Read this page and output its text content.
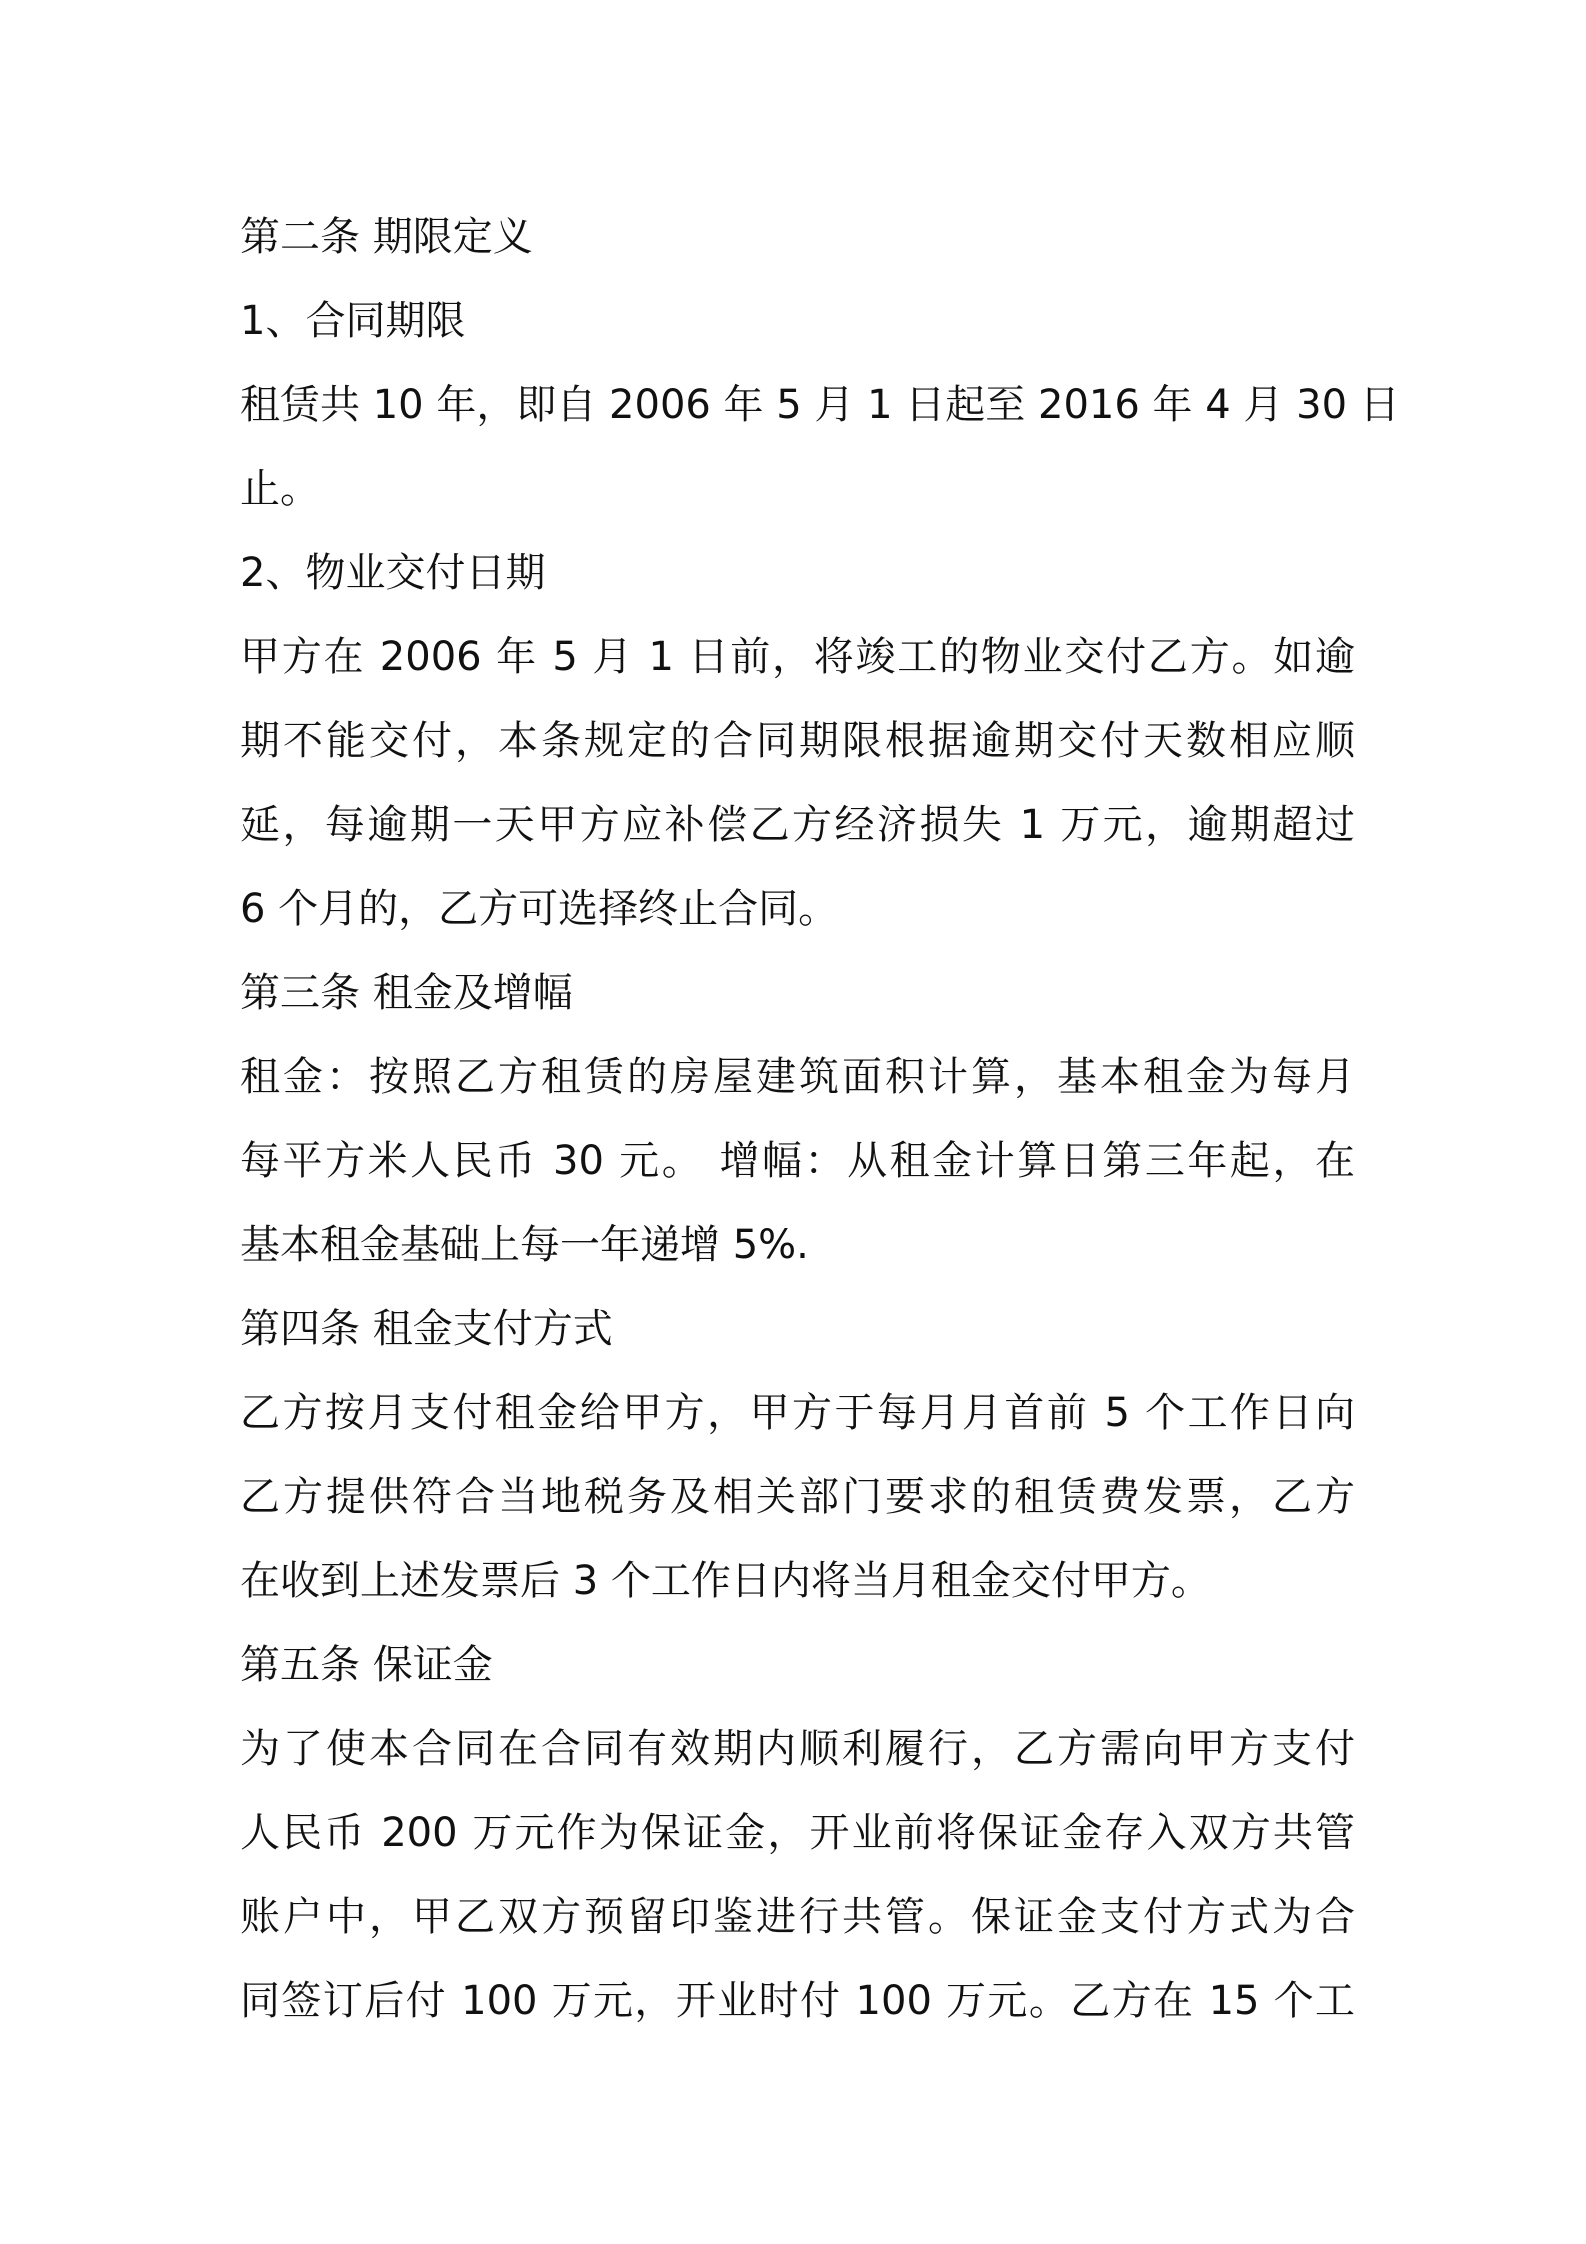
第二条 期限定义
1、合同期限
租赁共 10 年，即自 2006 年 5 月 1 日起至 2016 年 4 月 30 日
止。
2、物业交付日期
甲方在 2006 年 5 月 1 日前，将竣工的物业交付乙方。如逾
期不能交付，本条规定的合同期限根据逾期交付天数相应顺
延，每逾期一天甲方应补偿乙方经济损失 1 万元，逾期超过
6 个月的，乙方可选择终止合同。
第三条 租金及增幅
租金：按照乙方租赁的房屋建筑面积计算，基本租金为每月
每平方米人民币 30 元。 增幅：从租金计算日第三年起，在
基本租金基础上每一年递增 5%.
第四条 租金支付方式
乙方按月支付租金给甲方，甲方于每月月首前 5 个工作日向
乙方提供符合当地税务及相关部门要求的租赁费发票，乙方
在收到上述发票后 3 个工作日内将当月租金交付甲方。
第五条 保证金
为了使本合同在合同有效期内顺利履行，乙方需向甲方支付
人民币 200 万元作为保证金，开业前将保证金存入双方共管
账户中，甲乙双方预留印鉴进行共管。保证金支付方式为合
同签订后付 100 万元，开业时付 100 万元。乙方在 15 个工
